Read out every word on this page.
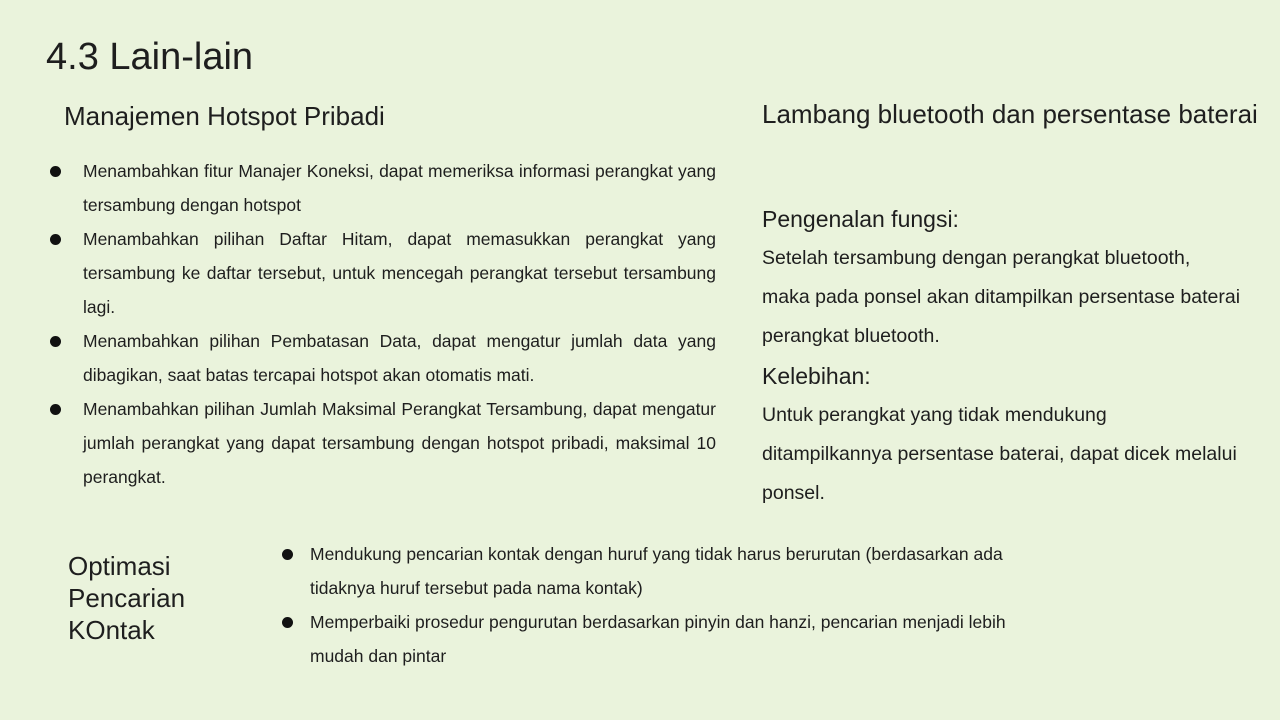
4.3 Lain-lain
Manajemen Hotspot Pribadi
Menambahkan fitur Manajer Koneksi, dapat memeriksa informasi perangkat yang tersambung dengan hotspot
Menambahkan pilihan Daftar Hitam, dapat memasukkan perangkat yang tersambung ke daftar tersebut, untuk mencegah perangkat tersebut tersambung lagi.
Menambahkan pilihan Pembatasan Data, dapat mengatur jumlah data yang dibagikan, saat batas tercapai hotspot akan otomatis mati.
Menambahkan pilihan Jumlah Maksimal Perangkat Tersambung, dapat mengatur jumlah perangkat yang dapat tersambung dengan hotspot pribadi, maksimal 10 perangkat.
Lambang bluetooth dan persentase baterai
Pengenalan fungsi:
Setelah tersambung dengan perangkat bluetooth, maka pada ponsel akan ditampilkan persentase baterai perangkat bluetooth.
Kelebihan:
Untuk perangkat yang tidak mendukung ditampilkannya persentase baterai, dapat dicek melalui ponsel.
Optimasi Pencarian KOntak
Mendukung pencarian kontak dengan huruf yang tidak harus berurutan (berdasarkan ada tidaknya huruf tersebut pada nama kontak)
Memperbaiki prosedur pengurutan berdasarkan pinyin dan hanzi, pencarian menjadi lebih mudah dan pintar
